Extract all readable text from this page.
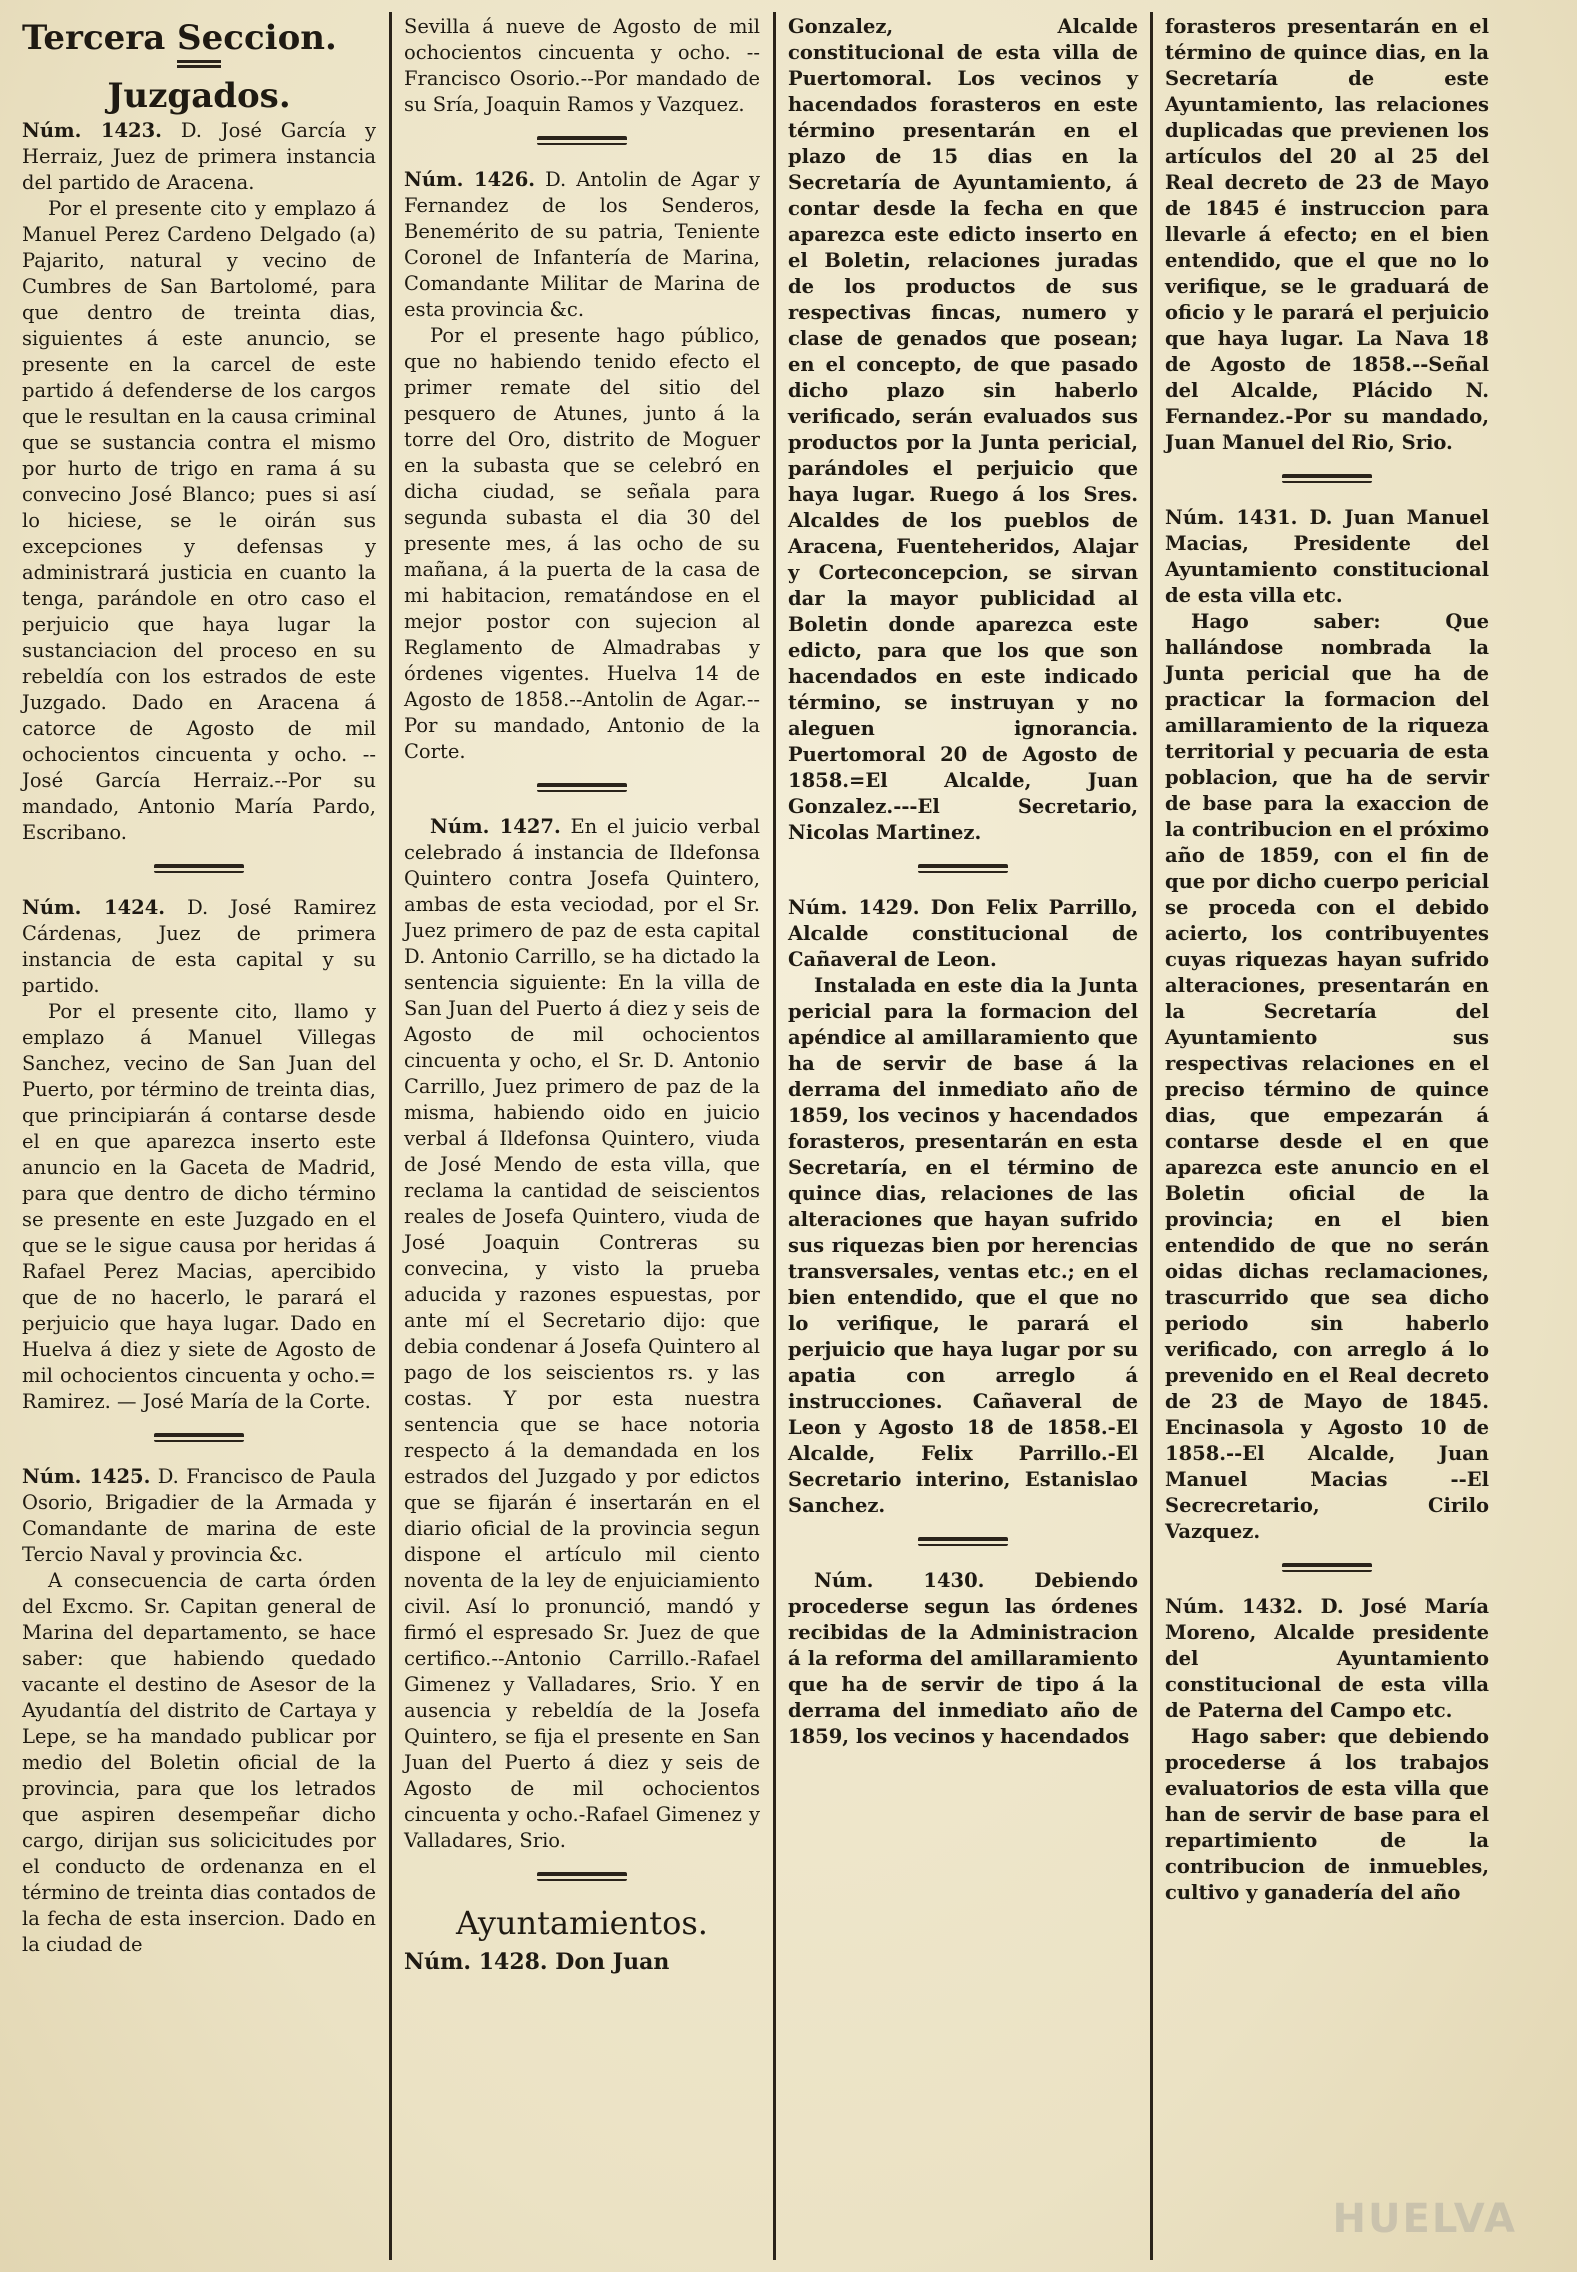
Tercera Seccion.
Juzgados.

Núm. 1423. D. José García y Herraiz, Juez de primera instancia del partido de Aracena.

Por el presente cito y emplazo á Manuel Perez Cardeno Delgado (a) Pajarito, natural y vecino de Cumbres de San Bartolomé, para que dentro de treinta dias, siguientes á este anuncio, se presente en la carcel de este partido á defenderse de los cargos que le resultan en la causa criminal que se sustancia contra el mismo por hurto de trigo en rama á su convecino José Blanco; pues si así lo hiciese, se le oirán sus excepciones y defensas y administrará justicia en cuanto la tenga, parándole en otro caso el perjuicio que haya lugar la sustanciacion del proceso en su rebeldía con los estrados de este Juzgado. Dado en Aracena á catorce de Agosto de mil ochocientos cincuenta y ocho. --José García Herraiz.--Por su mandado, Antonio María Pardo, Escribano.

Núm. 1424. D. José Ramirez Cárdenas, Juez de primera instancia de esta capital y su partido.

Por el presente cito, llamo y emplazo á Manuel Villegas Sanchez, vecino de San Juan del Puerto, por término de treinta dias, que principiarán á contarse desde el en que aparezca inserto este anuncio en la Gaceta de Madrid, para que dentro de dicho término se presente en este Juzgado en el que se le sigue causa por heridas á Rafael Perez Macias, apercibido que de no hacerlo, le parará el perjuicio que haya lugar. Dado en Huelva á diez y siete de Agosto de mil ochocientos cincuenta y ocho.= Ramirez. — José María de la Corte.

Núm. 1425. D. Francisco de Paula Osorio, Brigadier de la Armada y Comandante de marina de este Tercio Naval y provincia &c.

A consecuencia de carta órden del Excmo. Sr. Capitan general de Marina del departamento, se hace saber: que habiendo quedado vacante el destino de Asesor de la Ayudantía del distrito de Cartaya y Lepe, se ha mandado publicar por medio del Boletin oficial de la provincia, para que los letrados que aspiren desempeñar dicho cargo, dirijan sus solicicitudes por el conducto de ordenanza en el término de treinta dias contados de la fecha de esta insercion. Dado en la ciudad de

Sevilla á nueve de Agosto de mil ochocientos cincuenta y ocho. --Francisco Osorio.--Por mandado de su Sría, Joaquin Ramos y Vazquez.

Núm. 1426. D. Antolin de Agar y Fernandez de los Senderos, Benemérito de su patria, Teniente Coronel de Infantería de Marina, Comandante Militar de Marina de esta provincia &c.

Por el presente hago público, que no habiendo tenido efecto el primer remate del sitio del pesquero de Atunes, junto á la torre del Oro, distrito de Moguer en la subasta que se celebró en dicha ciudad, se señala para segunda subasta el dia 30 del presente mes, á las ocho de su mañana, á la puerta de la casa de mi habitacion, rematándose en el mejor postor con sujecion al Reglamento de Almadrabas y órdenes vigentes. Huelva 14 de Agosto de 1858.--Antolin de Agar.--Por su mandado, Antonio de la Corte.

Núm. 1427. En el juicio verbal celebrado á instancia de Ildefonsa Quintero contra Josefa Quintero, ambas de esta veciodad, por el Sr. Juez primero de paz de esta capital D. Antonio Carrillo, se ha dictado la sentencia siguiente: En la villa de San Juan del Puerto á diez y seis de Agosto de mil ochocientos cincuenta y ocho, el Sr. D. Antonio Carrillo, Juez primero de paz de la misma, habiendo oido en juicio verbal á Ildefonsa Quintero, viuda de José Mendo de esta villa, que reclama la cantidad de seiscientos reales de Josefa Quintero, viuda de José Joaquin Contreras su convecina, y visto la prueba aducida y razones espuestas, por ante mí el Secretario dijo: que debia condenar á Josefa Quintero al pago de los seiscientos rs. y las costas. Y por esta nuestra sentencia que se hace notoria respecto á la demandada en los estrados del Juzgado y por edictos que se fijarán é insertarán en el diario oficial de la provincia segun dispone el artículo mil ciento noventa de la ley de enjuiciamiento civil. Así lo pronunció, mandó y firmó el espresado Sr. Juez de que certifico.--Antonio Carrillo.-Rafael Gimenez y Valladares, Srio. Y en ausencia y rebeldía de la Josefa Quintero, se fija el presente en San Juan del Puerto á diez y seis de Agosto de mil ochocientos cincuenta y ocho.-Rafael Gimenez y Valladares, Srio.

Ayuntamientos.

Núm. 1428. Don Juan

Gonzalez, Alcalde constitucional de esta villa de Puertomoral. Los vecinos y hacendados forasteros en este término presentarán en el plazo de 15 dias en la Secretaría de Ayuntamiento, á contar desde la fecha en que aparezca este edicto inserto en el Boletin, relaciones juradas de los productos de sus respectivas fincas, numero y clase de genados que posean; en el concepto, de que pasado dicho plazo sin haberlo verificado, serán evaluados sus productos por la Junta pericial, parándoles el perjuicio que haya lugar. Ruego á los Sres. Alcaldes de los pueblos de Aracena, Fuenteheridos, Alajar y Corteconcepcion, se sirvan dar la mayor publicidad al Boletin donde aparezca este edicto, para que los que son hacendados en este indicado término, se instruyan y no aleguen ignorancia. Puertomoral 20 de Agosto de 1858.=El Alcalde, Juan Gonzalez.---El Secretario, Nicolas Martinez.

Núm. 1429. Don Felix Parrillo, Alcalde constitucional de Cañaveral de Leon.

Instalada en este dia la Junta pericial para la formacion del apéndice al amillaramiento que ha de servir de base á la derrama del inmediato año de 1859, los vecinos y hacendados forasteros, presentarán en esta Secretaría, en el término de quince dias, relaciones de las alteraciones que hayan sufrido sus riquezas bien por herencias transversales, ventas etc.; en el bien entendido, que el que no lo verifique, le parará el perjuicio que haya lugar por su apatia con arreglo á instrucciones. Cañaveral de Leon y Agosto 18 de 1858.-El Alcalde, Felix Parrillo.-El Secretario interino, Estanislao Sanchez.

Núm. 1430.	Debiendo procederse segun las órdenes recibidas de la Administracion á la reforma del amillaramiento que ha de servir de tipo á la derrama del inmediato año de 1859, los vecinos y hacendados

forasteros presentarán en el término de quince dias, en la Secretaría de este Ayuntamiento, las relaciones duplicadas que previenen los artículos del 20 al 25 del Real decreto de 23 de Mayo de 1845 é instruccion para llevarle á efecto; en el bien entendido, que el que no lo verifique, se le graduará de oficio y le parará el perjuicio que haya lugar. La Nava 18 de Agosto de 1858.--Señal del Alcalde, Plácido N. Fernandez.-Por su mandado, Juan Manuel del Rio, Srio.

Núm. 1431. D. Juan Manuel Macias, Presidente del Ayuntamiento constitucional de esta villa etc.

Hago saber: Que hallándose nombrada la Junta pericial que ha de practicar la formacion del amillaramiento de la riqueza territorial y pecuaria de esta poblacion, que ha de servir de base para la exaccion de la contribucion en el próximo año de 1859, con el fin de que por dicho cuerpo pericial se proceda con el debido acierto, los contribuyentes cuyas riquezas hayan sufrido alteraciones, presentarán en la Secretaría del Ayuntamiento sus respectivas relaciones en el preciso término de quince dias, que empezarán á contarse desde el en que aparezca este anuncio en el Boletin oficial de la provincia; en el bien entendido de que no serán oidas dichas reclamaciones, trascurrido que sea dicho periodo sin haberlo verificado, con arreglo á lo prevenido en el Real decreto de 23 de Mayo de 1845. Encinasola y Agosto 10 de 1858.--El Alcalde, Juan Manuel Macias --El Secrecretario, Cirilo Vazquez.

Núm. 1432. D. José María Moreno, Alcalde presidente del Ayuntamiento constitucional de esta villa de Paterna del Campo etc.

Hago saber: que debiendo procederse á los trabajos evaluatorios de esta villa que han de servir de base para el repartimiento de la contribucion de inmuebles, cultivo y ganadería del año

HUELVA
